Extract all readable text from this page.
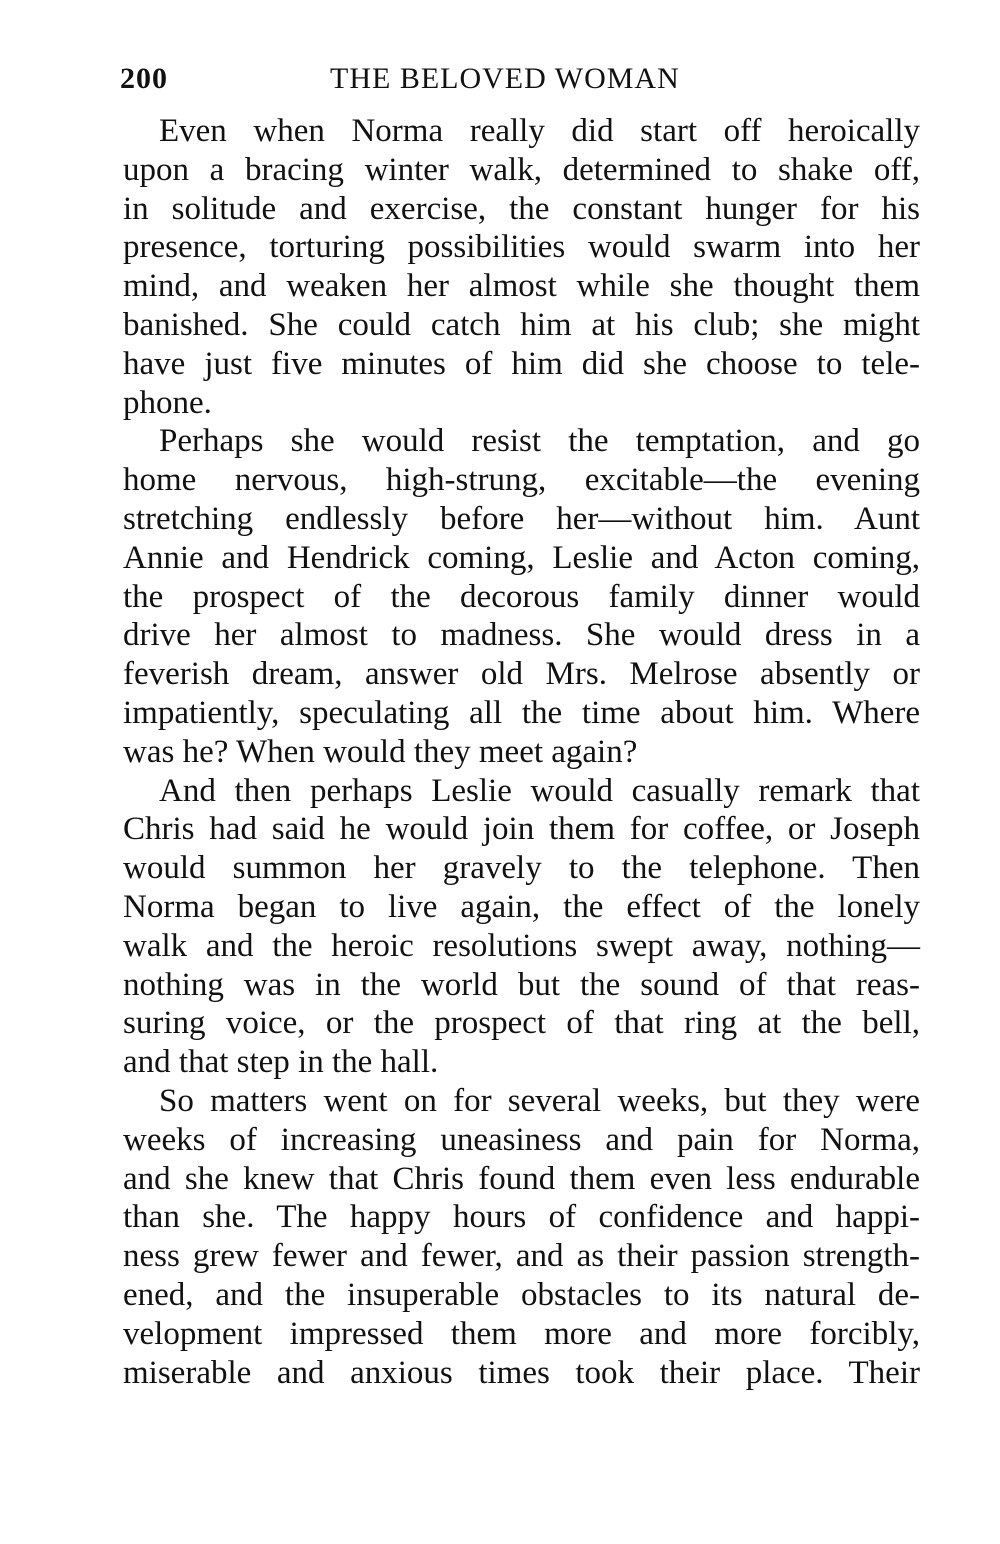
200	THE BELOVED WOMAN
Even when Norma really did start off heroically
upon a bracing winter walk, determined to shake off,
in solitude and exercise, the constant hunger for his
presence, torturing possibilities would swarm into her
mind, and weaken her almost while she thought them
banished. She could catch him at his club; she might
have just five minutes of him did she choose to tele-
phone.
Perhaps she would resist the temptation, and go
home nervous, high-strung, excitable—the evening
stretching endlessly before her—without him. Aunt
Annie and Hendrick coming, Leslie and Acton coming,
the prospect of the decorous family dinner would
drive her almost to madness. She would dress in a
feverish dream, answer old Mrs. Melrose absently or
impatiently, speculating all the time about him. Where
was he? When would they meet again?
And then perhaps Leslie would casually remark that
Chris had said he would join them for coffee, or Joseph
would summon her gravely to the telephone. Then
Norma began to live again, the effect of the lonely
walk and the heroic resolutions swept away, nothing—
nothing was in the world but the sound of that reas-
suring voice, or the prospect of that ring at the bell,
and that step in the hall.
So matters went on for several weeks, but they were
weeks of increasing uneasiness and pain for Norma,
and she knew that Chris found them even less endurable
than she. The happy hours of confidence and happi-
ness grew fewer and fewer, and as their passion strength-
ened, and the insuperable obstacles to its natural de-
velopment impressed them more and more forcibly,
miserable and anxious times took their place. Their
